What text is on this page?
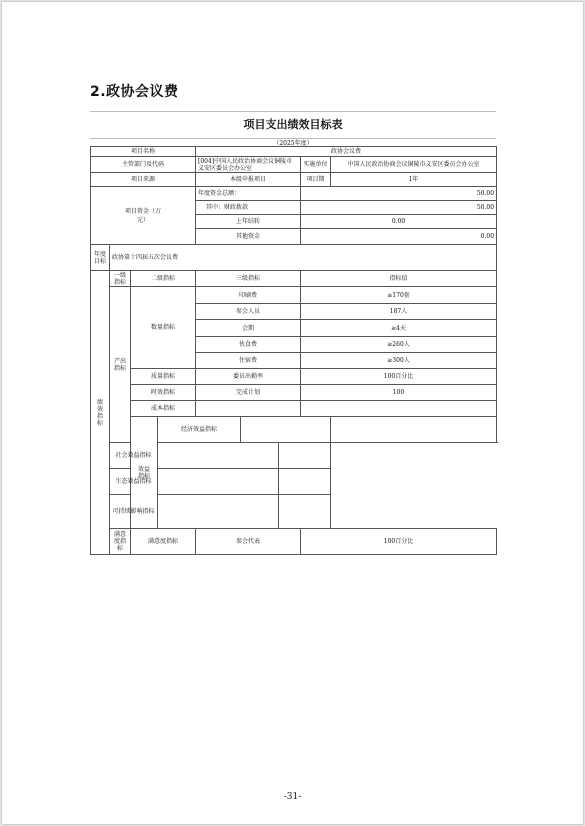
2.政协会议费
项目支出绩效目标表
（2025年度）
项目名称				政协会议费				
主管部门及代码				[004]中国人民政治协商会议铜陵市义安区委员会办公室			实施单位	中国人民政治协商会议铜陵市义安区委员会办公室
项目来源				本级申报项目			项目期	1年

项目资金（万元）				年度资金总额：			50.00	
				其中：财政拨款			50.00	
				上年结转			0.00	
				其他资金			0.00	

年度目标	政协第十四届五次会议费							

绩效指标	一级指标	二级指标		三级指标			指标值	

	产出指标	数量指标		印刷费			≥170套	
				参会人员			187人	
				会期			≥4天	
				伙食费			≥260人	
				住宿费			≥300人	
		质量指标		委员出勤率			100百分比	
		时效指标		完成计划			100	
		成本指标						

		效益指标	经济效益指标					
	社会效益指标							
	生态效益指标							
	可持续影响指标							

	满意度指标	满意度指标		参会代表			100百分比	
-31-
